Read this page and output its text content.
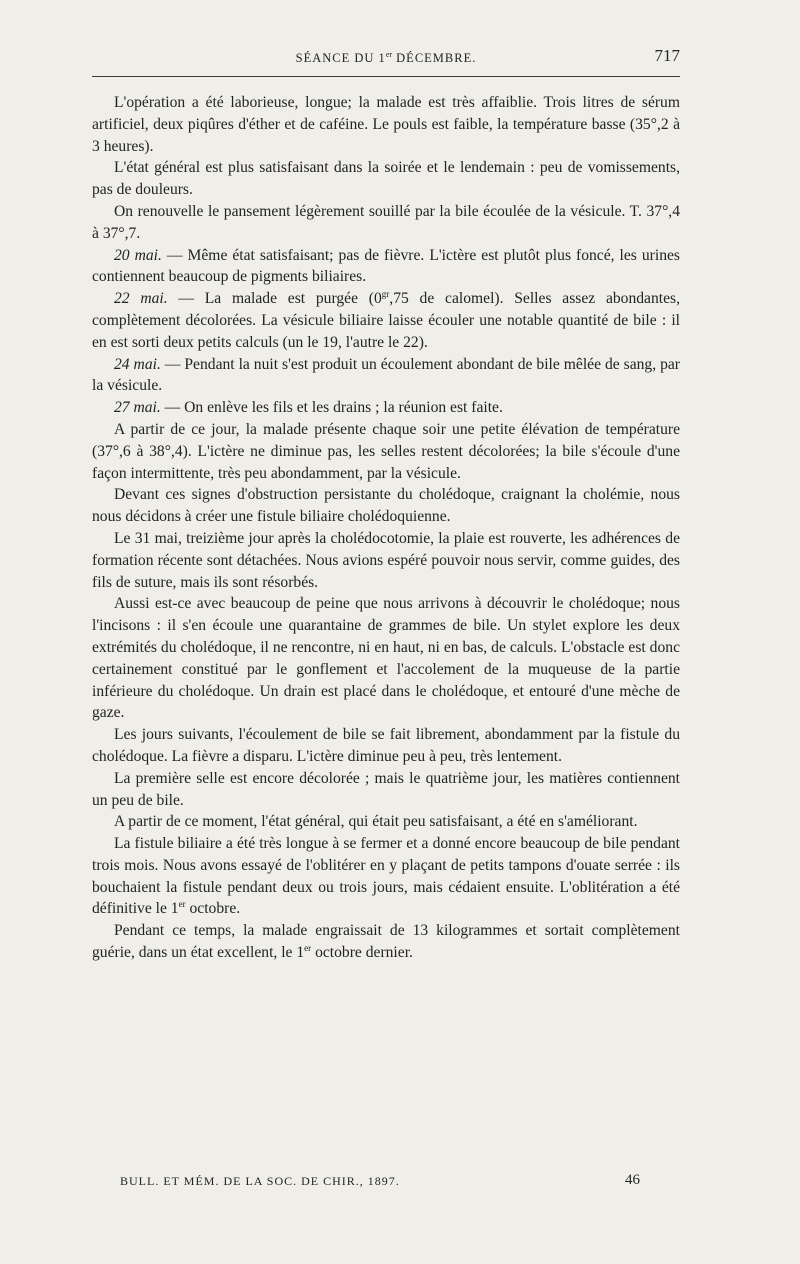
SÉANCE DU 1er DÉCEMBRE.	717

L'opération a été laborieuse, longue; la malade est très affaiblie. Trois litres de sérum artificiel, deux piqûres d'éther et de caféine. Le pouls est faible, la température basse (35°,2 à 3 heures).

L'état général est plus satisfaisant dans la soirée et le lendemain : peu de vomissements, pas de douleurs.

On renouvelle le pansement légèrement souillé par la bile écoulée de la vésicule. T. 37°,4 à 37°,7.

20 mai. — Même état satisfaisant; pas de fièvre. L'ictère est plutôt plus foncé, les urines contiennent beaucoup de pigments biliaires.

22 mai. — La malade est purgée ($0^{gr},75$ de calomel). Selles assez abondantes, complètement décolorées. La vésicule biliaire laisse écouler une notable quantité de bile : il en est sorti deux petits calculs (un le 19, l'autre le 22).

24 mai. — Pendant la nuit s'est produit un écoulement abondant de bile mêlée de sang, par la vésicule.

27 mai. — On enlève les fils et les drains ; la réunion est faite.

A partir de ce jour, la malade présente chaque soir une petite élévation de température (37°,6 à 38°,4). L'ictère ne diminue pas, les selles restent décolorées; la bile s'écoule d'une façon intermittente, très peu abondamment, par la vésicule.

Devant ces signes d'obstruction persistante du cholédoque, craignant la cholémie, nous nous décidons à créer une fistule biliaire cholédoquienne.

Le 31 mai, treizième jour après la cholédocotomie, la plaie est rouverte, les adhérences de formation récente sont détachées. Nous avions espéré pouvoir nous servir, comme guides, des fils de suture, mais ils sont résorbés.

Aussi est-ce avec beaucoup de peine que nous arrivons à découvrir le cholédoque; nous l'incisons : il s'en écoule une quarantaine de grammes de bile. Un stylet explore les deux extrémités du cholédoque, il ne rencontre, ni en haut, ni en bas, de calculs. L'obstacle est donc certainement constitué par le gonflement et l'accolement de la muqueuse de la partie inférieure du cholédoque. Un drain est placé dans le cholédoque, et entouré d'une mèche de gaze.

Les jours suivants, l'écoulement de bile se fait librement, abondamment par la fistule du cholédoque. La fièvre a disparu. L'ictère diminue peu à peu, très lentement.

La première selle est encore décolorée ; mais le quatrième jour, les matières contiennent un peu de bile.

A partir de ce moment, l'état général, qui était peu satisfaisant, a été en s'améliorant.

La fistule biliaire a été très longue à se fermer et a donné encore beaucoup de bile pendant trois mois. Nous avons essayé de l'oblitérer en y plaçant de petits tampons d'ouate serrée : ils bouchaient la fistule pendant deux ou trois jours, mais cédaient ensuite. L'oblitération a été définitive le 1er octobre.

Pendant ce temps, la malade engraissait de 13 kilogrammes et sortait complètement guérie, dans un état excellent, le 1er octobre dernier.

BULL. ET MÉM. DE LA SOC. DE CHIR., 1897.	46
